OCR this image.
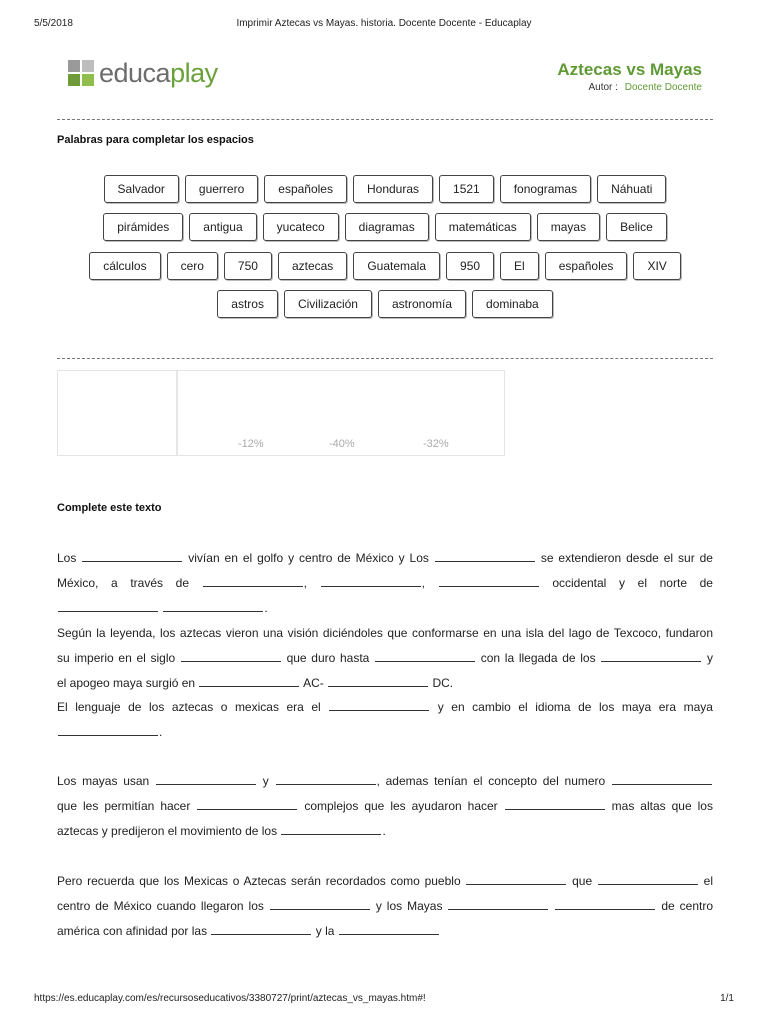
5/5/2018	Imprimir Aztecas vs Mayas. historia. Docente Docente - Educaplay
educaplay	Aztecas vs Mayas
Autor : Docente Docente
Palabras para completar los espacios
Salvador	guerrero	españoles	Honduras	1521	fonogramas	Náhuati
pirámides	antigua	yucateco	diagramas	matemáticas	mayas	Belice
cálculos	cero	750	aztecas	Guatemala	950	El	españoles	XIV
astros	Civilización	astronomía	dominaba
-12%	-40%	-32%
Complete este texto
Los	vivían en el golfo y centro de México y Los	se extendieron desde el sur de
México, a través de	,	,	occidental y el norte de
.
Según la leyenda, los aztecas vieron una visión diciéndoles que conformarse en una isla del lago de Texcoco, fundaron
su imperio en el siglo	que duro hasta	con la llegada de los	y
el apogeo maya surgió en	AC-	DC.
El lenguaje de los aztecas o mexicas era el	y en cambio el idioma de los maya era maya
.
Los mayas usan	y	, ademas tenían el concepto del numero
que les permitían hacer	complejos que les ayudaron hacer	mas altas que los
aztecas y predijeron el movimiento de los	.
Pero recuerda que los Mexicas o Aztecas serán recordados como pueblo	que	el
centro de México cuando llegaron los	y los Mayas	de centro
américa con afinidad por las	y la
https://es.educaplay.com/es/recursoseducativos/3380727/print/aztecas_vs_mayas.htm#!	1/1
